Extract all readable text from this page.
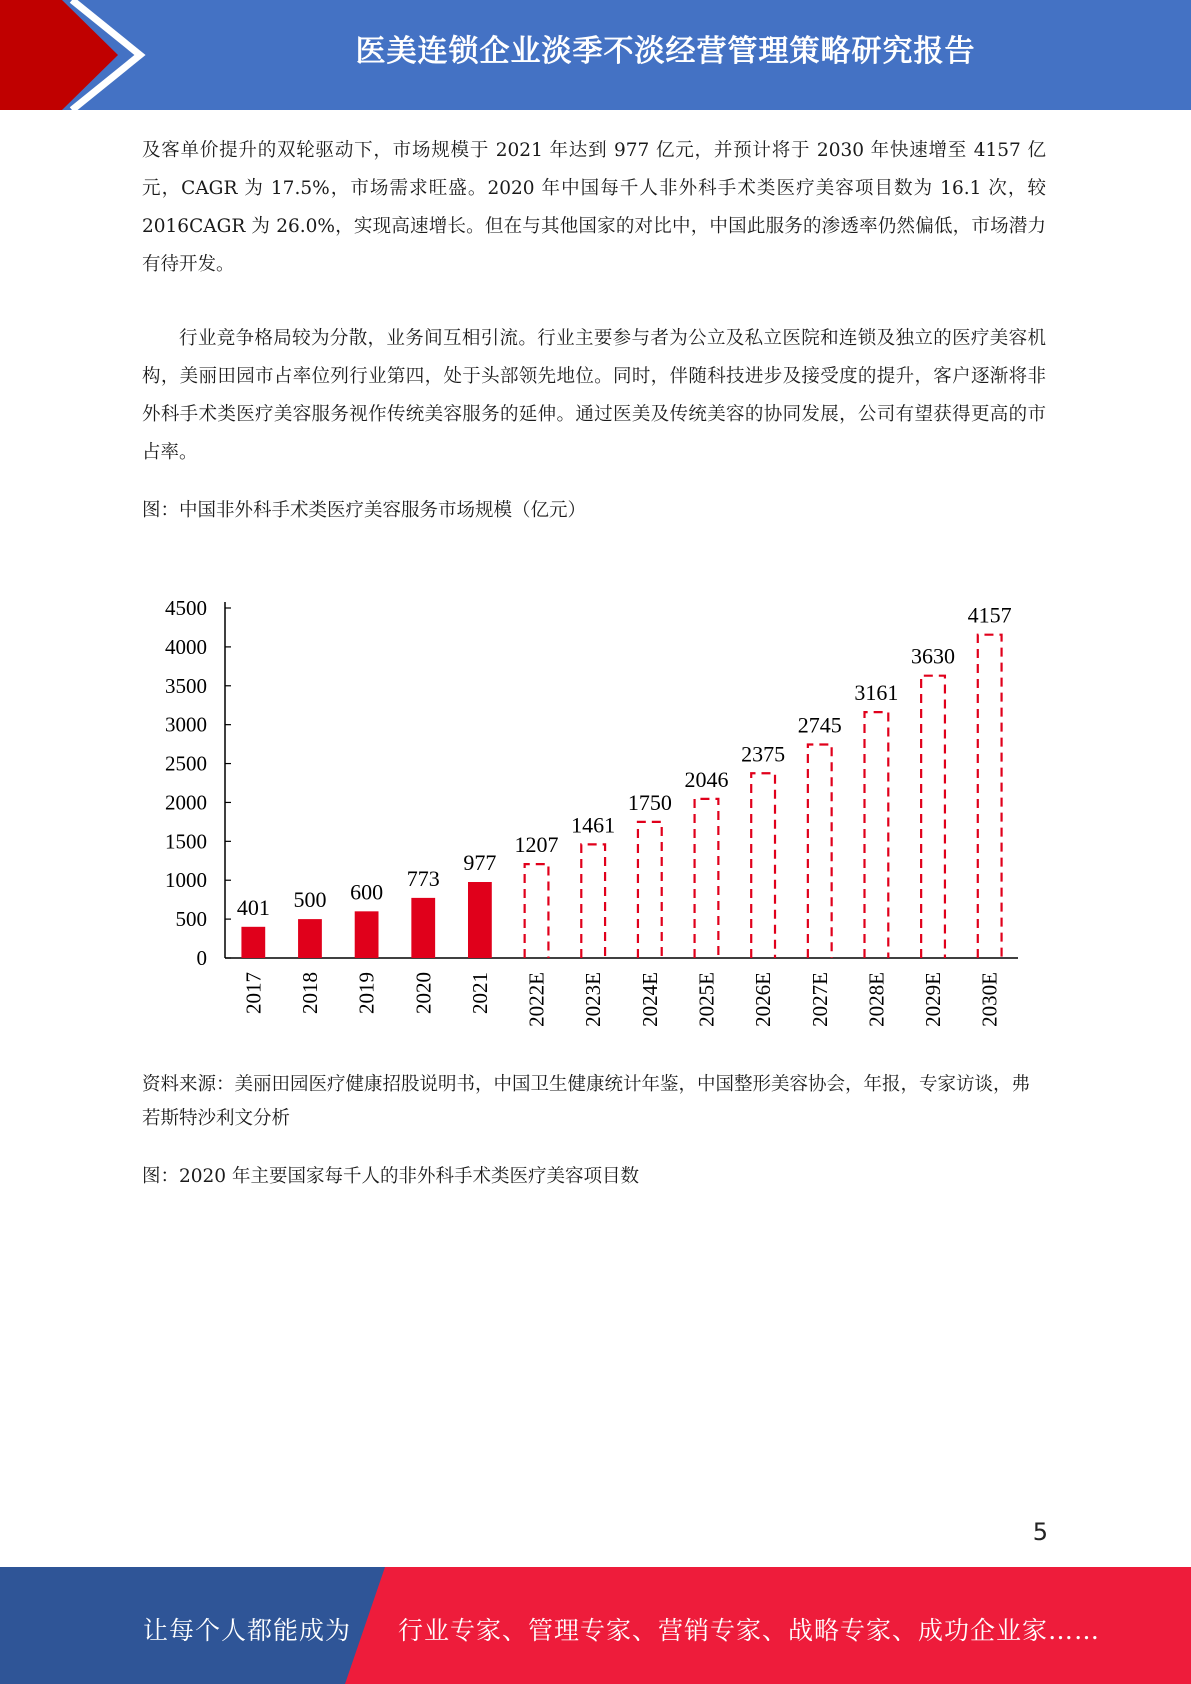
医美连锁企业淡季不淡经营管理策略研究报告

及客单价提升的双轮驱动下，市场规模于 2021 年达到 977 亿元，并预计将于 2030 年快速增至 4157 亿元，CAGR 为 17.5%，市场需求旺盛。2020 年中国每千人非外科手术类医疗美容项目数为 16.1 次，较 2016CAGR 为 26.0%，实现高速增长。但在与其他国家的对比中，中国此服务的渗透率仍然偏低，市场潜力有待开发。

行业竞争格局较为分散，业务间互相引流。行业主要参与者为公立及私立医院和连锁及独立的医疗美容机构，美丽田园市占率位列行业第四，处于头部领先地位。同时，伴随科技进步及接受度的提升，客户逐渐将非外科手术类医疗美容服务视作传统美容服务的延伸。通过医美及传统美容的协同发展，公司有望获得更高的市占率。

图：中国非外科手术类医疗美容服务市场规模（亿元）

0
500
1000
1500
2000
2500
3000
3500
4000
4500
401
2017
500
2018
600
2019
773
2020
977
2021
1207
2022E
1461
2023E
1750
2024E
2046
2025E
2375
2026E
2745
2027E
3161
2028E
3630
2029E
4157
2030E

资料来源：美丽田园医疗健康招股说明书，中国卫生健康统计年鉴，中国整形美容协会，年报，专家访谈，弗若斯特沙利文分析

图：2020 年主要国家每千人的非外科手术类医疗美容项目数

5
让每个人都能成为 行业专家、管理专家、营销专家、战略专家、成功企业家……
